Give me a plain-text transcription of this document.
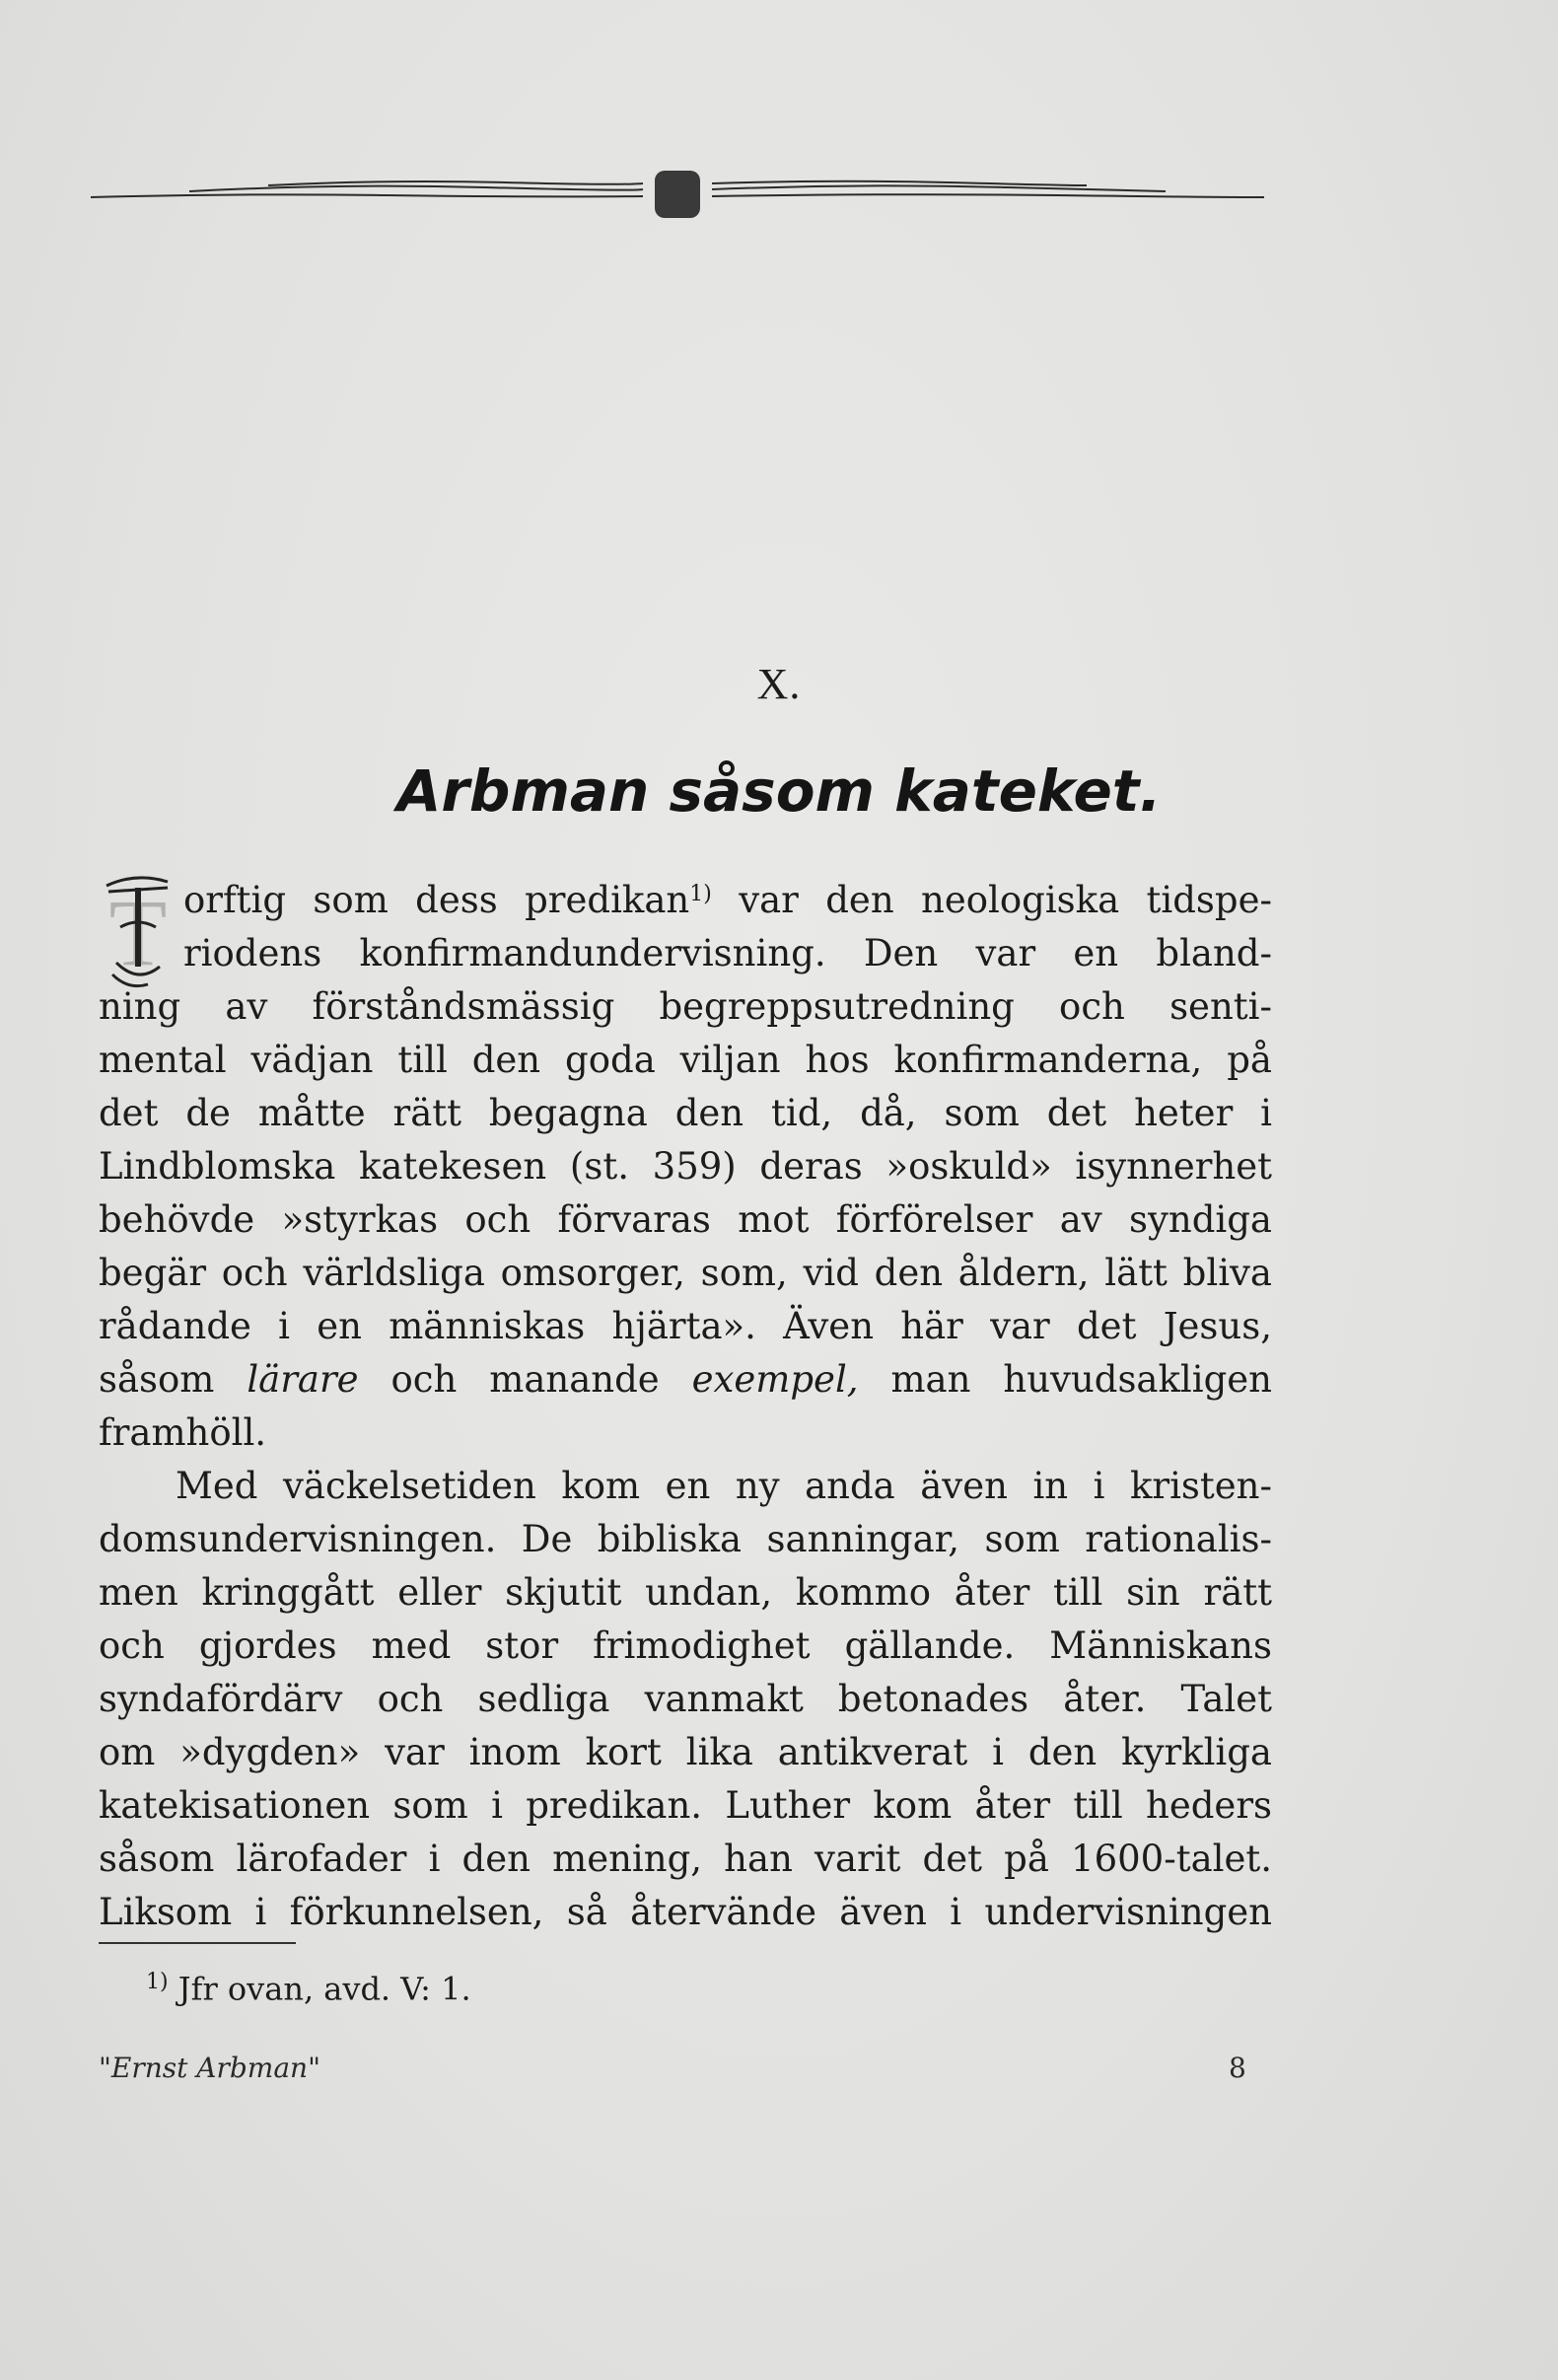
X.
Arbman såsom kateket.
T orftig som dess predikan$^{1)}$ var den neologiska tidspe-
riodens konfirmandundervisning. Den var en bland-
ning av förståndsmässig begreppsutredning och senti-
mental vädjan till den goda viljan hos konfirmanderna, på
det de måtte rätt begagna den tid, då, som det heter i
Lindblomska katekesen (st. 359) deras »oskuld» isynnerhet
behövde »styrkas och förvaras mot förförelser av syndiga
begär och världsliga omsorger, som, vid den åldern, lätt bliva
rådande i en människas hjärta». Även här var det Jesus,
såsom lärare och manande exempel, man huvudsakligen
framhöll.
Med väckelsetiden kom en ny anda även in i kristen-
domsundervisningen. De bibliska sanningar, som rationalis-
men kringgått eller skjutit undan, kommo åter till sin rätt
och gjordes med stor frimodighet gällande. Människans
syndafördärv och sedliga vanmakt betonades åter. Talet
om »dygden» var inom kort lika antikverat i den kyrkliga
katekisationen som i predikan. Luther kom åter till heders
såsom lärofader i den mening, han varit det på 1600-talet.
Liksom i förkunnelsen, så återvände även i undervisningen
$^{1)}$ Jfr ovan, avd. V: 1.
"Ernst Arbman"	8
